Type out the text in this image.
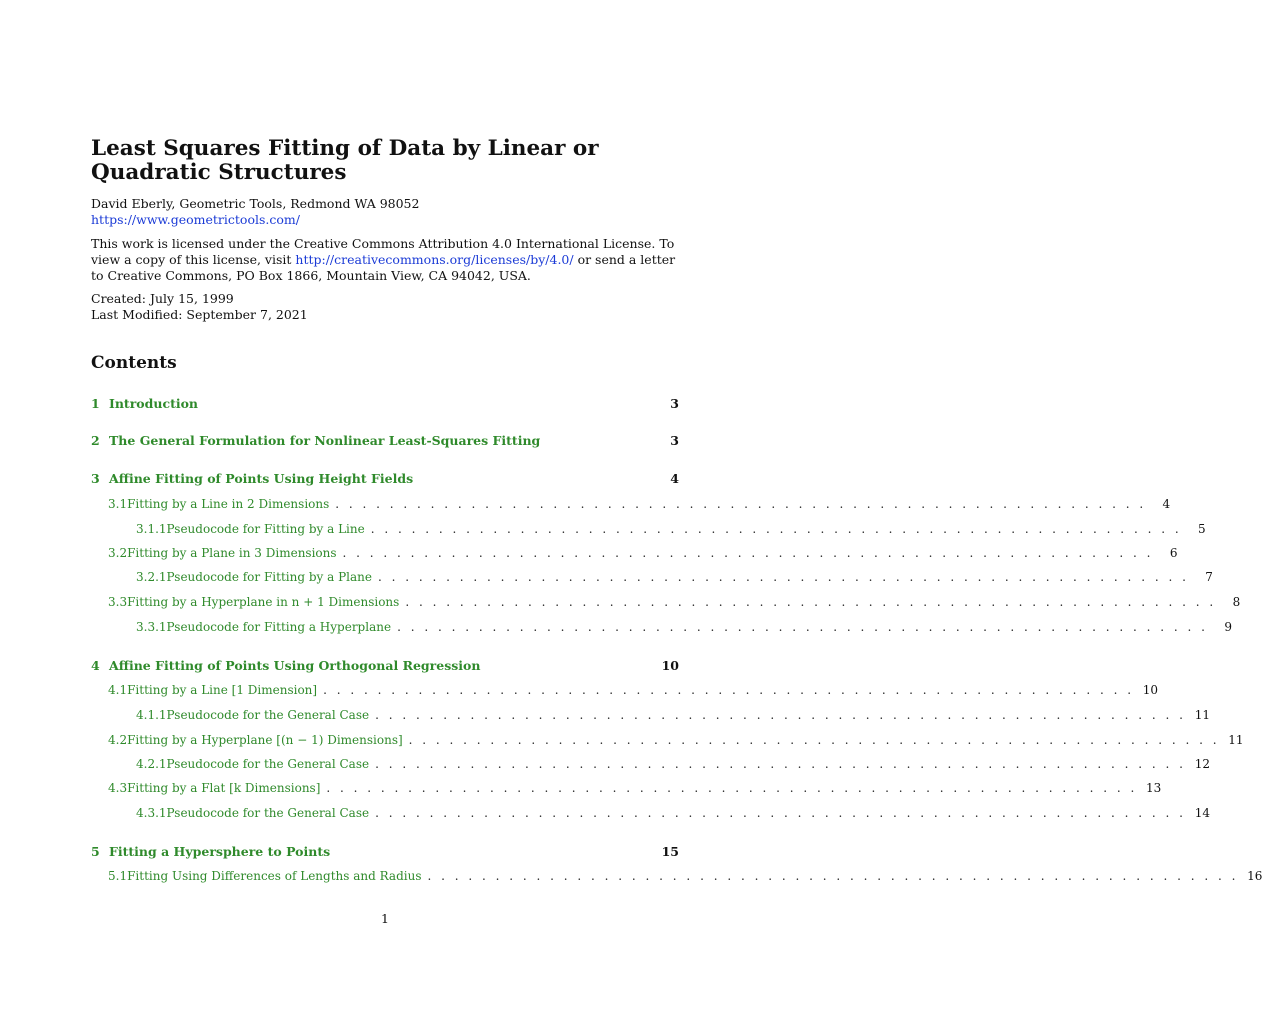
Least Squares Fitting of Data by Linear or Quadratic Structures

David Eberly, Geometric Tools, Redmond WA 98052

https://www.geometrictools.com/

This work is licensed under the Creative Commons Attribution 4.0 International License. To view a copy of this license, visit http://creativecommons.org/licenses/by/4.0/ or send a letter to Creative Commons, PO Box 1866, Mountain View, CA 94042, USA.

Created: July 15, 1999

Last Modified: September 7, 2021

Contents
1 Introduction	3
2 The General Formulation for Nonlinear Least-Squares Fitting	3
3 Affine Fitting of Points Using Height Fields	4
3.1 Fitting by a Line in 2 Dimensions . . . . . . . . . . . . . . . . . . . . . . . . . . . . . . . . . . . . . . . . . . . . . . . . . . . . . . . . . . . .	4
3.1.1 Pseudocode for Fitting by a Line . . . . . . . . . . . . . . . . . . . . . . . . . . . . . . . . . . . . . . . . . . . . . . . . . . . . . . . . . . . .	5
3.2 Fitting by a Plane in 3 Dimensions . . . . . . . . . . . . . . . . . . . . . . . . . . . . . . . . . . . . . . . . . . . . . . . . . . . . . . . . . . . .	6
3.2.1 Pseudocode for Fitting by a Plane . . . . . . . . . . . . . . . . . . . . . . . . . . . . . . . . . . . . . . . . . . . . . . . . . . . . . . . . . . . .	7
3.3 Fitting by a Hyperplane in n + 1 Dimensions . . . . . . . . . . . . . . . . . . . . . . . . . . . . . . . . . . . . . . . . . . . . . . . . . . . . . . . . . . . .	8
3.3.1 Pseudocode for Fitting a Hyperplane . . . . . . . . . . . . . . . . . . . . . . . . . . . . . . . . . . . . . . . . . . . . . . . . . . . . . . . . . . . .	9
4 Affine Fitting of Points Using Orthogonal Regression	10
4.1 Fitting by a Line [1 Dimension] . . . . . . . . . . . . . . . . . . . . . . . . . . . . . . . . . . . . . . . . . . . . . . . . . . . . . . . . . . . . 10
4.1.1 Pseudocode for the General Case . . . . . . . . . . . . . . . . . . . . . . . . . . . . . . . . . . . . . . . . . . . . . . . . . . . . . . . . . . . . 11
4.2 Fitting by a Hyperplane [(n − 1) Dimensions] . . . . . . . . . . . . . . . . . . . . . . . . . . . . . . . . . . . . . . . . . . . . . . . . . . . . . . . . . . . . 11
4.2.1 Pseudocode for the General Case . . . . . . . . . . . . . . . . . . . . . . . . . . . . . . . . . . . . . . . . . . . . . . . . . . . . . . . . . . . . 12
4.3 Fitting by a Flat [k Dimensions] . . . . . . . . . . . . . . . . . . . . . . . . . . . . . . . . . . . . . . . . . . . . . . . . . . . . . . . . . . . . 13
4.3.1 Pseudocode for the General Case . . . . . . . . . . . . . . . . . . . . . . . . . . . . . . . . . . . . . . . . . . . . . . . . . . . . . . . . . . . . 14
5 Fitting a Hypersphere to Points	15
5.1 Fitting Using Differences of Lengths and Radius . . . . . . . . . . . . . . . . . . . . . . . . . . . . . . . . . . . . . . . . . . . . . . . . . . . . . . . . . . . . 16
1
